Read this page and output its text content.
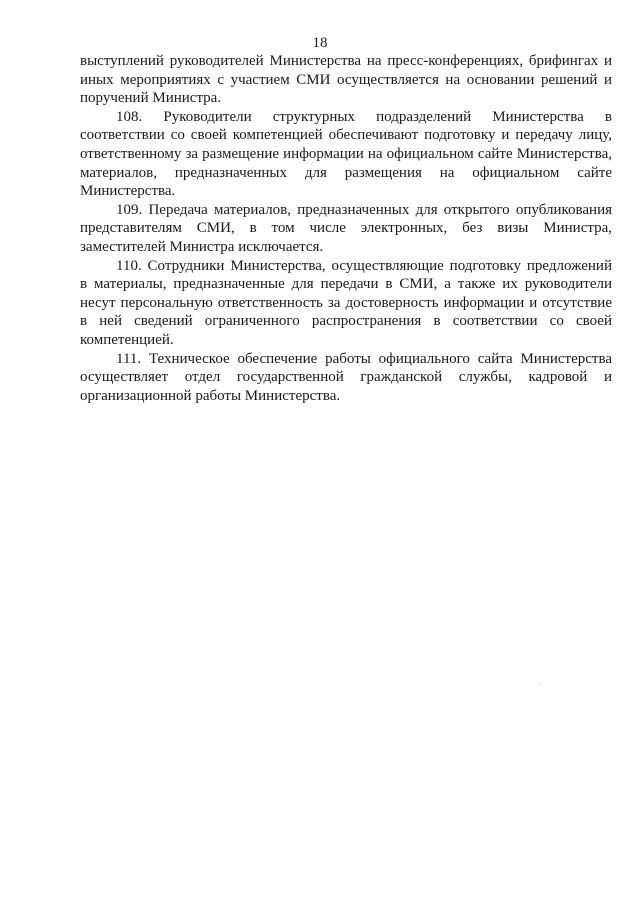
18

выступлений руководителей Министерства на пресс-конференциях, брифингах и иных мероприятиях с участием СМИ осуществляется на основании решений и поручений Министра.

108. Руководители структурных подразделений Министерства в соответствии со своей компетенцией обеспечивают подготовку и передачу лицу, ответственному за размещение информации на официальном сайте Министерства, материалов, предназначенных для размещения на официальном сайте Министерства.

109. Передача материалов, предназначенных для открытого опубликования представителям СМИ, в том числе электронных, без визы Министра, заместителей Министра исключается.

110. Сотрудники Министерства, осуществляющие подготовку предложений в материалы, предназначенные для передачи в СМИ, а также их руководители несут персональную ответственность за достоверность информации и отсутствие в ней сведений ограниченного распространения в соответствии со своей компетенцией.

111. Техническое обеспечение работы официального сайта Министерства осуществляет отдел государственной гражданской службы, кадровой и организационной работы Министерства.
